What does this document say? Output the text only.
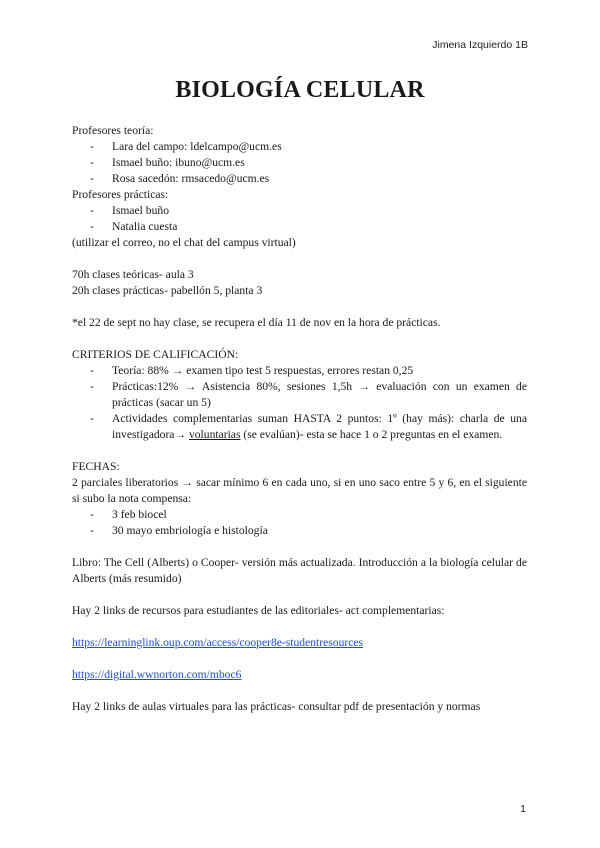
Jimena Izquierdo 1B
BIOLOGÍA CELULAR

Profesores teoría:

- Lara del campo: ldelcampo@ucm.es
- Ismael buño: ibuno@ucm.es
- Rosa sacedón: rmsacedo@ucm.es

Profesores prácticas:

- Ismael buño
- Natalia cuesta

(utilizar el correo, no el chat del campus virtual)

70h clases teóricas- aula 3

20h clases prácticas- pabellón 5, planta 3

*el 22 de sept no hay clase, se recupera el día 11 de nov en la hora de prácticas.

CRITERIOS DE CALIFICACIÓN:

- Teoría: 88% → examen tipo test 5 respuestas, errores restan 0,25
- Prácticas:12% → Asistencia 80%, sesiones 1,5h → evaluación con un examen de prácticas (sacar un 5)
- Actividades complementarias suman HASTA 2 puntos: 1º (hay más): charla de una investigadora→ voluntarias (se evalúan)- esta se hace 1 o 2 preguntas en el examen.

FECHAS:

2 parciales liberatorios → sacar mínimo 6 en cada uno, si en uno saco entre 5 y 6, en el siguiente si subo la nota compensa:

- 3 feb biocel
- 30 mayo embriología e histología

Libro: The Cell (Alberts) o Cooper- versión más actualizada. Introducción a la biología celular de Alberts (más resumido)

Hay 2 links de recursos para estudiantes de las editoriales- act complementarias:

https://learninglink.oup.com/access/cooper8e-studentresources

https://digital.wwnorton.com/mboc6

Hay 2 links de aulas virtuales para las prácticas- consultar pdf de presentación y normas

1
